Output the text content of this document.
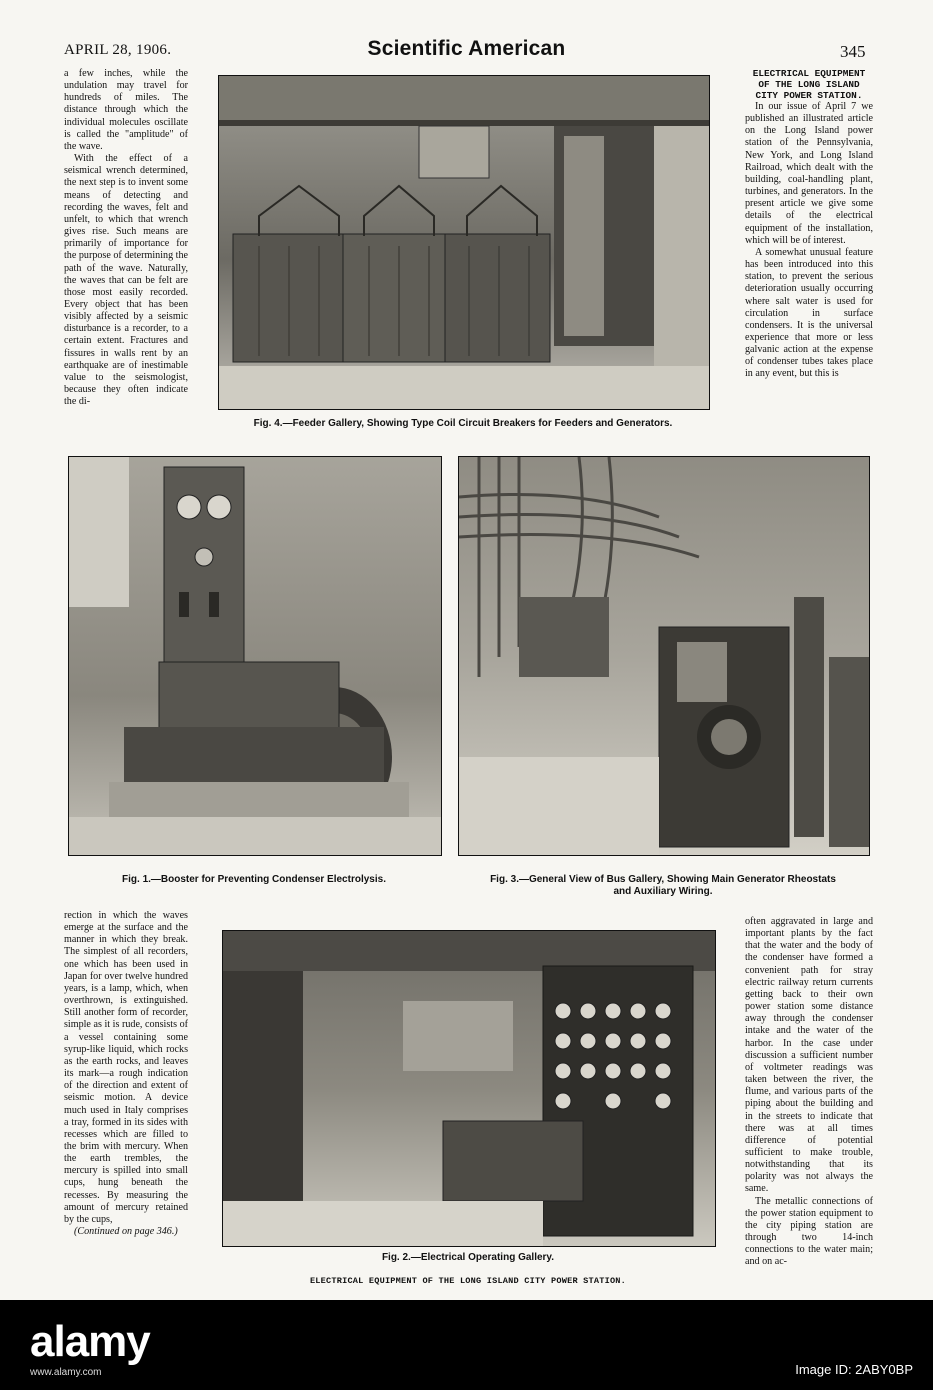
APRIL 28, 1906.	Scientific American	345

a few inches, while the undulation may travel for hundreds of miles. The distance through which the individual molecules oscillate is called the "amplitude" of the wave.

With the effect of a seismical wrench determined, the next step is to invent some means of detecting and recording the waves, felt and unfelt, to which that wrench gives rise. Such means are primarily of importance for the purpose of determining the path of the wave. Naturally, the waves that can be felt are those most easily recorded. Every object that has been visibly affected by a seismic disturbance is a recorder, to a certain extent. Fractures and fissures in walls rent by an earthquake are of inestimable value to the seismologist, because they often indicate the di-

ELECTRICAL EQUIPMENT OF THE LONG ISLAND CITY POWER STATION.

In our issue of April 7 we published an illustrated article on the Long Island power station of the Pennsylvania, New York, and Long Island Railroad, which dealt with the building, coal-handling plant, turbines, and generators. In the present article we give some details of the electrical equipment of the installation, which will be of interest.

A somewhat unusual feature has been introduced into this station, to prevent the serious deterioration usually occurring where salt water is used for circulation in surface condensers. It is the universal experience that more or less galvanic action at the expense of condenser tubes takes place in any event, but this is

Fig. 4.—Feeder Gallery, Showing Type Coil Circuit Breakers for Feeders and Generators.
Fig. 1.—Booster for Preventing Condenser Electrolysis.	Fig. 3.—General View of Bus Gallery, Showing Main Generator Rheostats
and Auxiliary Wiring.

rection in which the waves emerge at the surface and the manner in which they break. The simplest of all recorders, one which has been used in Japan for over twelve hundred years, is a lamp, which, when overthrown, is extinguished. Still another form of recorder, simple as it is rude, consists of a vessel containing some syrup-like liquid, which rocks as the earth rocks, and leaves its mark—a rough indication of the direction and extent of seismic motion. A device much used in Italy comprises a tray, formed in its sides with recesses which are filled to the brim with mercury. When the earth trembles, the mercury is spilled into small cups, hung beneath the recesses. By measuring the amount of mercury retained by the cups,

(Continued on page 346.)

Fig. 2.—Electrical Operating Gallery.
ELECTRICAL EQUIPMENT OF THE LONG ISLAND CITY POWER STATION.

often aggravated in large and important plants by the fact that the water and the body of the condenser have formed a convenient path for stray electric railway return currents getting back to their own power station some distance away through the condenser intake and the water of the harbor. In the case under discussion a sufficient number of voltmeter readings was taken between the river, the flume, and various parts of the piping about the building and in the streets to indicate that there was at all times difference of potential sufficient to make trouble, notwithstanding that its polarity was not always the same.

The metallic connections of the power station equipment to the city piping station are through two 14-inch connections to the water main; and on ac-

alamy
www.alamy.com	Image ID: 2ABY0BP
